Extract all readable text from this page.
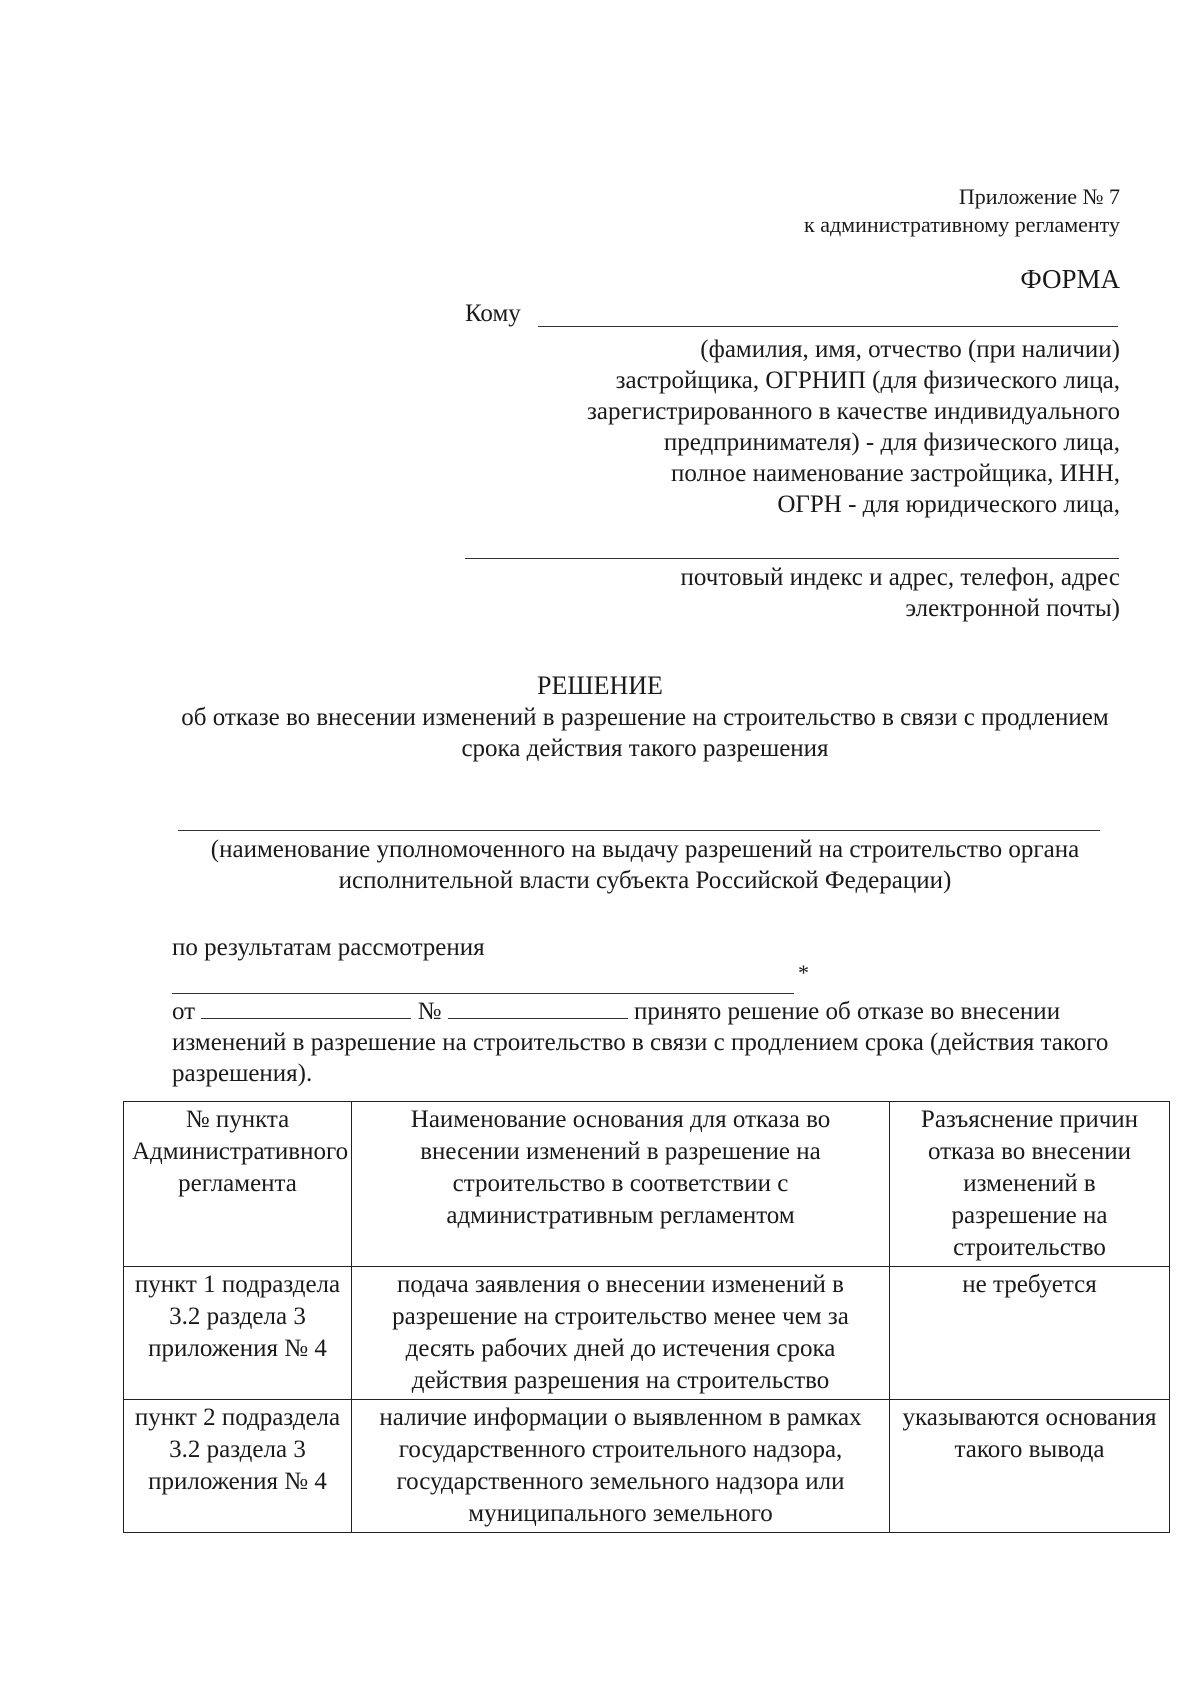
Приложение № 7
к административному регламенту
ФОРМА
Кому
(фамилия, имя, отчество (при наличии)
застройщика, ОГРНИП (для физического лица,
зарегистрированного в качестве индивидуального
предпринимателя) - для физического лица,
полное наименование застройщика, ИНН,
ОГРН - для юридического лица,
почтовый индекс и адрес, телефон, адрес
электронной почты)
РЕШЕНИЕ
об отказе во внесении изменений в разрешение на строительство в связи с продлением срока действия такого разрешения
(наименование уполномоченного на выдачу разрешений на строительство органа исполнительной власти субъекта Российской Федерации)
по результатам рассмотрения
*
от	№	принято решение об отказе во внесении изменений в разрешение на строительство в связи с продлением срока (действия такого разрешения).
№ пункта Административного регламента	Наименование основания для отказа во внесении изменений в разрешение на строительство в соответствии с административным регламентом	Разъяснение причин отказа во внесении изменений в разрешение на строительство
пункт 1 подраздела 3.2 раздела 3 приложения № 4	подача заявления о внесении изменений в разрешение на строительство менее чем за десять рабочих дней до истечения срока действия разрешения на строительство	не требуется
пункт 2 подраздела 3.2 раздела 3 приложения № 4	наличие информации о выявленном в рамках государственного строительного надзора, государственного земельного надзора или муниципального земельного	указываются основания такого вывода
